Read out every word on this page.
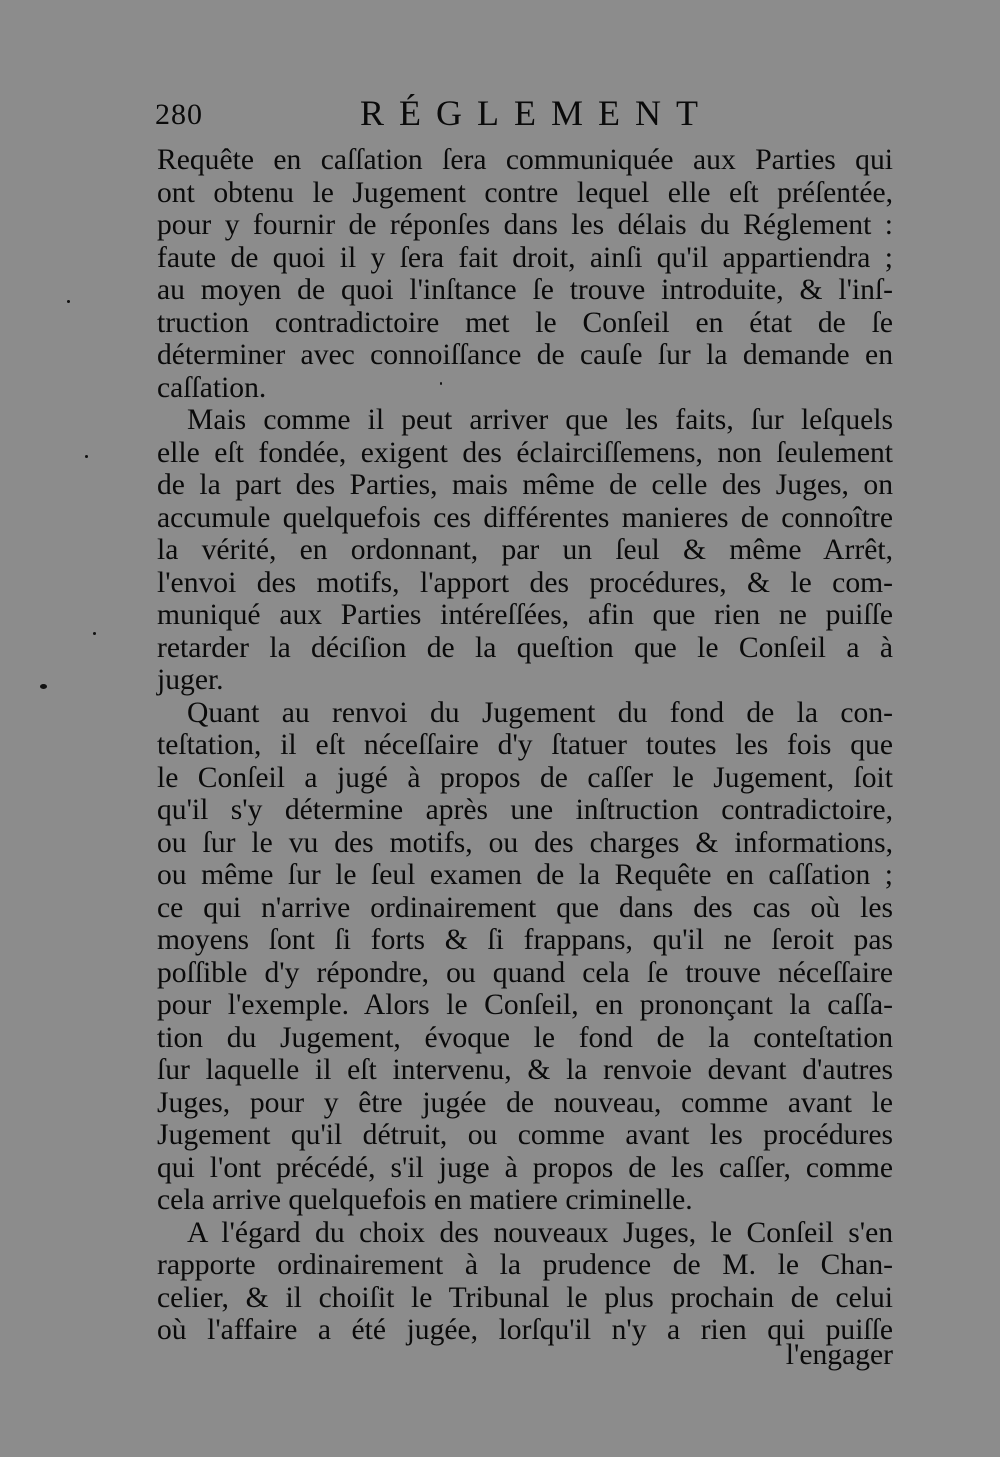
280	RÉGLEMENT
Requête en caſſation ſera communiquée aux Parties qui
ont obtenu le Jugement contre lequel elle eſt préſentée,
pour y fournir de réponſes dans les délais du Réglement :
faute de quoi il y ſera fait droit, ainſi qu'il appartiendra ;
au moyen de quoi l'inſtance ſe trouve introduite, & l'inſ-
truction contradictoire met le Conſeil en état de ſe
déterminer avec connoiſſance de cauſe ſur la demande en
caſſation.
Mais comme il peut arriver que les faits, ſur leſquels
elle eſt fondée, exigent des éclairciſſemens, non ſeulement
de la part des Parties, mais même de celle des Juges, on
accumule quelquefois ces différentes manieres de connoître
la vérité, en ordonnant, par un ſeul & même Arrêt,
l'envoi des motifs, l'apport des procédures, & le com-
muniqué aux Parties intéreſſées, afin que rien ne puiſſe
retarder la déciſion de la queſtion que le Conſeil a à
juger.
Quant au renvoi du Jugement du fond de la con-
teſtation, il eſt néceſſaire d'y ſtatuer toutes les fois que
le Conſeil a jugé à propos de caſſer le Jugement, ſoit
qu'il s'y détermine après une inſtruction contradictoire,
ou ſur le vu des motifs, ou des charges & informations,
ou même ſur le ſeul examen de la Requête en caſſation ;
ce qui n'arrive ordinairement que dans des cas où les
moyens ſont ſi forts & ſi frappans, qu'il ne ſeroit pas
poſſible d'y répondre, ou quand cela ſe trouve néceſſaire
pour l'exemple. Alors le Conſeil, en prononçant la caſſa-
tion du Jugement, évoque le fond de la conteſtation
ſur laquelle il eſt intervenu, & la renvoie devant d'autres
Juges, pour y être jugée de nouveau, comme avant le
Jugement qu'il détruit, ou comme avant les procédures
qui l'ont précédé, s'il juge à propos de les caſſer, comme
cela arrive quelquefois en matiere criminelle.
A l'égard du choix des nouveaux Juges, le Conſeil s'en
rapporte ordinairement à la prudence de M. le Chan-
celier, & il choiſit le Tribunal le plus prochain de celui
où l'affaire a été jugée, lorſqu'il n'y a rien qui puiſſe
l'engager
